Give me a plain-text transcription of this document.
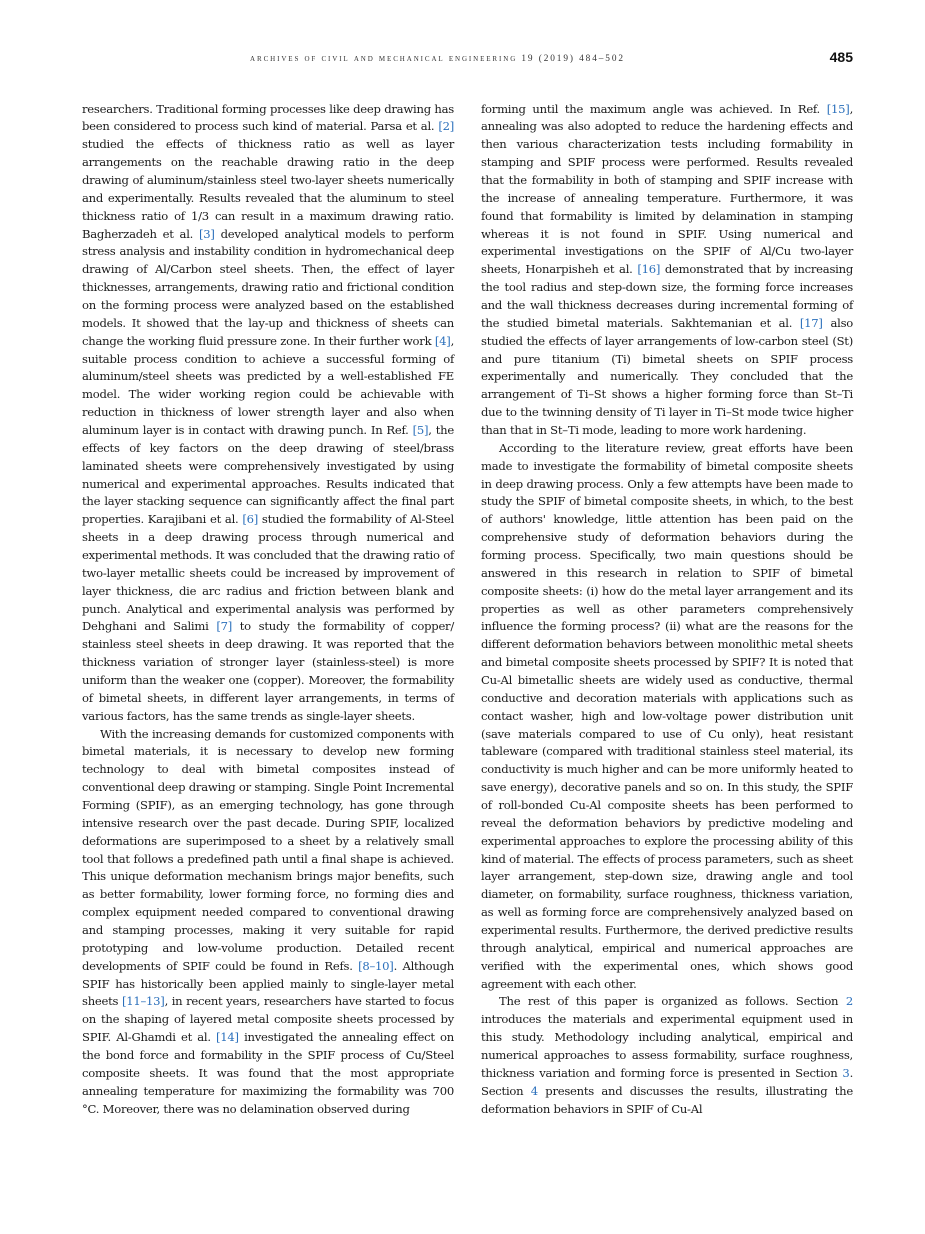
archives of civil and mechanical engineering 19 (2019) 484–502	485

researchers. Traditional forming processes like deep drawing has been considered to process such kind of material. Parsa et al. [2] studied the effects of thickness ratio as well as layer arrangements on the reachable drawing ratio in the deep drawing of aluminum/stainless steel two-layer sheets numerically and experimentally. Results revealed that the aluminum to steel thickness ratio of 1/3 can result in a maximum drawing ratio. Bagherzadeh et al. [3] developed analytical models to perform stress analysis and instability condition in hydromechanical deep drawing of Al/Carbon steel sheets. Then, the effect of layer thicknesses, arrangements, drawing ratio and frictional condition on the forming process were analyzed based on the established models. It showed that the lay-up and thickness of sheets can change the working fluid pressure zone. In their further work [4], suitable process condition to achieve a successful forming of aluminum/steel sheets was predicted by a well-established FE model. The wider working region could be achievable with reduction in thickness of lower strength layer and also when aluminum layer is in contact with drawing punch. In Ref. [5], the effects of key factors on the deep drawing of steel/brass laminated sheets were comprehensively investigated by using numerical and experimental approaches. Results indicated that the layer stacking sequence can significantly affect the final part properties. Karajibani et al. [6] studied the formability of Al-Steel sheets in a deep drawing process through numerical and experimental methods. It was concluded that the drawing ratio of two-layer metallic sheets could be increased by improvement of layer thickness, die arc radius and friction between blank and punch. Analytical and experimental analysis was performed by Dehghani and Salimi [7] to study the formability of copper/​stainless steel sheets in deep drawing. It was reported that the thickness variation of stronger layer (stainless-steel) is more uniform than the weaker one (copper). Moreover, the formability of bimetal sheets, in different layer arrangements, in terms of various factors, has the same trends as single-layer sheets.

With the increasing demands for customized components with bimetal materials, it is necessary to develop new forming technology to deal with bimetal composites instead of conventional deep drawing or stamping. Single Point Incremental Forming (SPIF), as an emerging technology, has gone through intensive research over the past decade. During SPIF, localized deformations are superimposed to a sheet by a relatively small tool that follows a predefined path until a final shape is achieved. This unique deformation mechanism brings major benefits, such as better formability, lower forming force, no forming dies and complex equipment needed compared to conventional drawing and stamping processes, making it very suitable for rapid prototyping and low-volume production. Detailed recent developments of SPIF could be found in Refs. [8–10]. Although SPIF has historically been applied mainly to single-layer metal sheets [11–13], in recent years, researchers have started to focus on the shaping of layered metal composite sheets processed by SPIF. Al-​Ghamdi et al. [14] investigated the annealing effect on the bond force and formability in the SPIF process of Cu/Steel composite sheets. It was found that the most appropriate annealing temperature for maximizing the formability was 700 °C. Moreover, there was no delamination observed during

forming until the maximum angle was achieved. In Ref. [15], annealing was also adopted to reduce the hardening effects and then various characterization tests including formability in stamping and SPIF process were performed. Results revealed that the formability in both of stamping and SPIF increase with the increase of annealing temperature. Furthermore, it was found that formability is limited by delamination in stamping whereas it is not found in SPIF. Using numerical and experimental investigations on the SPIF of Al/Cu two-layer sheets, Honarpisheh et al. [16] demonstrated that by increasing the tool radius and step-down size, the forming force increases and the wall thickness decreases during incremental forming of the studied bimetal materials. Sakhtemanian et al. [17] also studied the effects of layer arrangements of low-​carbon steel (St) and pure titanium (Ti) bimetal sheets on SPIF process experimentally and numerically. They concluded that the arrangement of Ti–St shows a higher forming force than St–Ti due to the twinning density of Ti layer in Ti–St mode twice higher than that in St–Ti mode, leading to more work hardening.

According to the literature review, great efforts have been made to investigate the formability of bimetal composite sheets in deep drawing process. Only a few attempts have been made to study the SPIF of bimetal composite sheets, in which, to the best of authors' knowledge, little attention has been paid on the comprehensive study of deformation behaviors during the forming process. Specifically, two main questions should be answered in this research in relation to SPIF of bimetal composite sheets: (i) how do the metal layer arrangement and its properties as well as other parameters comprehensively influence the forming process? (ii) what are the reasons for the different deformation behaviors between monolithic metal sheets and bimetal composite sheets processed by SPIF? It is noted that Cu-Al bimetallic sheets are widely used as conductive, thermal conductive and decoration materials with applications such as contact washer, high and low-voltage power distribution unit (save materials compared to use of Cu only), heat resistant tableware (compared with traditional stainless steel material, its conductivity is much higher and can be more uniformly heated to save energy), decorative panels and so on. In this study, the SPIF of roll-bonded Cu-Al composite sheets has been performed to reveal the deformation behaviors by predictive modeling and experimental approaches to explore the processing ability of this kind of material. The effects of process parameters, such as sheet layer arrangement, step-​down size, drawing angle and tool diameter, on formability, surface roughness, thickness variation, as well as forming force are comprehensively analyzed based on experimental results. Furthermore, the derived predictive results through analytical, empirical and numerical approaches are verified with the experimental ones, which shows good agreement with each other.

The rest of this paper is organized as follows. Section 2 introduces the materials and experimental equipment used in this study. Methodology including analytical, empirical and numerical approaches to assess formability, surface roughness, thickness variation and forming force is presented in Section 3. Section 4 presents and discusses the results, illustrating the deformation behaviors in SPIF of Cu-Al
